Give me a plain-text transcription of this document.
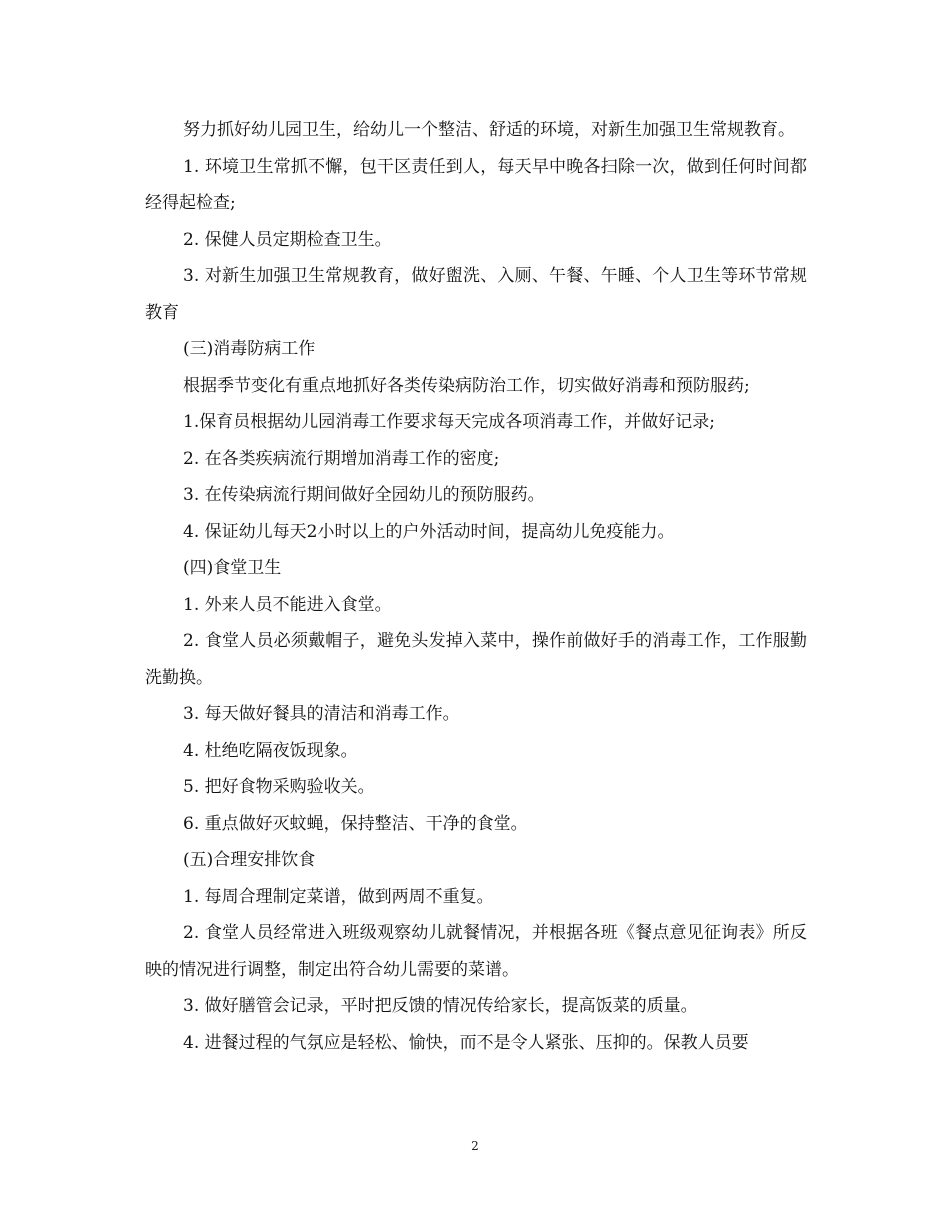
努力抓好幼儿园卫生，给幼儿一个整洁、舒适的环境，对新生加强卫生常规教育。

1. 环境卫生常抓不懈，包干区责任到人，每天早中晚各扫除一次，做到任何时间都经得起检查;

2. 保健人员定期检查卫生。

3. 对新生加强卫生常规教育，做好盥洗、入厕、午餐、午睡、个人卫生等环节常规教育

(三)消毒防病工作

根据季节变化有重点地抓好各类传染病防治工作，切实做好消毒和预防服药;

1.保育员根据幼儿园消毒工作要求每天完成各项消毒工作，并做好记录;

2. 在各类疾病流行期增加消毒工作的密度;

3. 在传染病流行期间做好全园幼儿的预防服药。

4. 保证幼儿每天2小时以上的户外活动时间，提高幼儿免疫能力。

(四)食堂卫生

1. 外来人员不能进入食堂。

2. 食堂人员必须戴帽子，避免头发掉入菜中，操作前做好手的消毒工作，工作服勤洗勤换。

3. 每天做好餐具的清洁和消毒工作。

4. 杜绝吃隔夜饭现象。

5. 把好食物采购验收关。

6. 重点做好灭蚊蝇，保持整洁、干净的食堂。

(五)合理安排饮食

1. 每周合理制定菜谱，做到两周不重复。

2. 食堂人员经常进入班级观察幼儿就餐情况，并根据各班《餐点意见征询表》所反映的情况进行调整，制定出符合幼儿需要的菜谱。

3. 做好膳管会记录，平时把反馈的情况传给家长，提高饭菜的质量。

4. 进餐过程的气氛应是轻松、愉快，而不是令人紧张、压抑的。保教人员要

2
